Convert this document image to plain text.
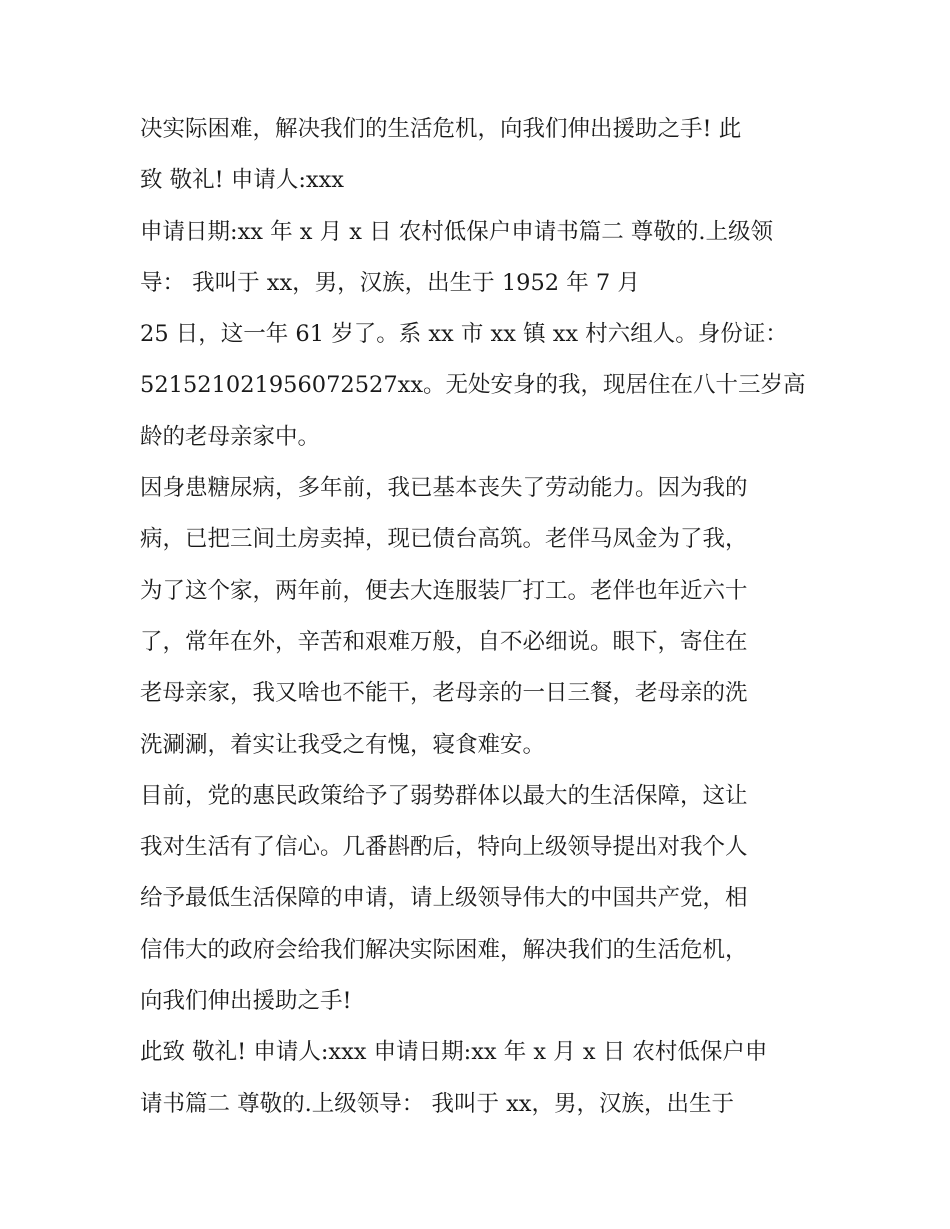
决实际困难，解决我们的生活危机，向我们伸出援助之手! 此
致 敬礼! 申请人:xxx
申请日期:xx 年 x 月 x 日 农村低保户申请书篇二 尊敬的.上级领
导： 我叫于 xx，男，汉族，出生于 1952 年 7 月
25 日，这一年 61 岁了。系 xx 市 xx 镇 xx 村六组人。身份证：
52152102195607252​7xx。无处安身的我，现居住在八十三岁高
龄的老母亲家中。
因身患糖尿病，多年前，我已基本丧失了劳动能力。因为我的
病，已把三间土房卖掉，现已债台高筑。老伴马凤金为了我，
为了这个家，两年前，便去大连服装厂打工。老伴也年近六十
了，常年在外，辛苦和艰难万般，自不必细说。眼下，寄住在
老母亲家，我又啥也不能干，老母亲的一日三餐，老母亲的洗
洗涮涮，着实让我受之有愧，寝食难安。
目前，党的惠民政策给予了弱势群体以最大的生活保障，这让
我对生活有了信心。几番斟酌后，特向上级领导提出对我个人
给予最低生活保障的申请，请上级领导伟大的中国共产党，相
信伟大的政府会给我们解决实际困难，解决我们的生活危机，
向我们伸出援助之手!
此致 敬礼! 申请人:xxx 申请日期:xx 年 x 月 x 日 农村低保户申
请书篇二 尊敬的.上级领导： 我叫于 xx，男，汉族，出生于
